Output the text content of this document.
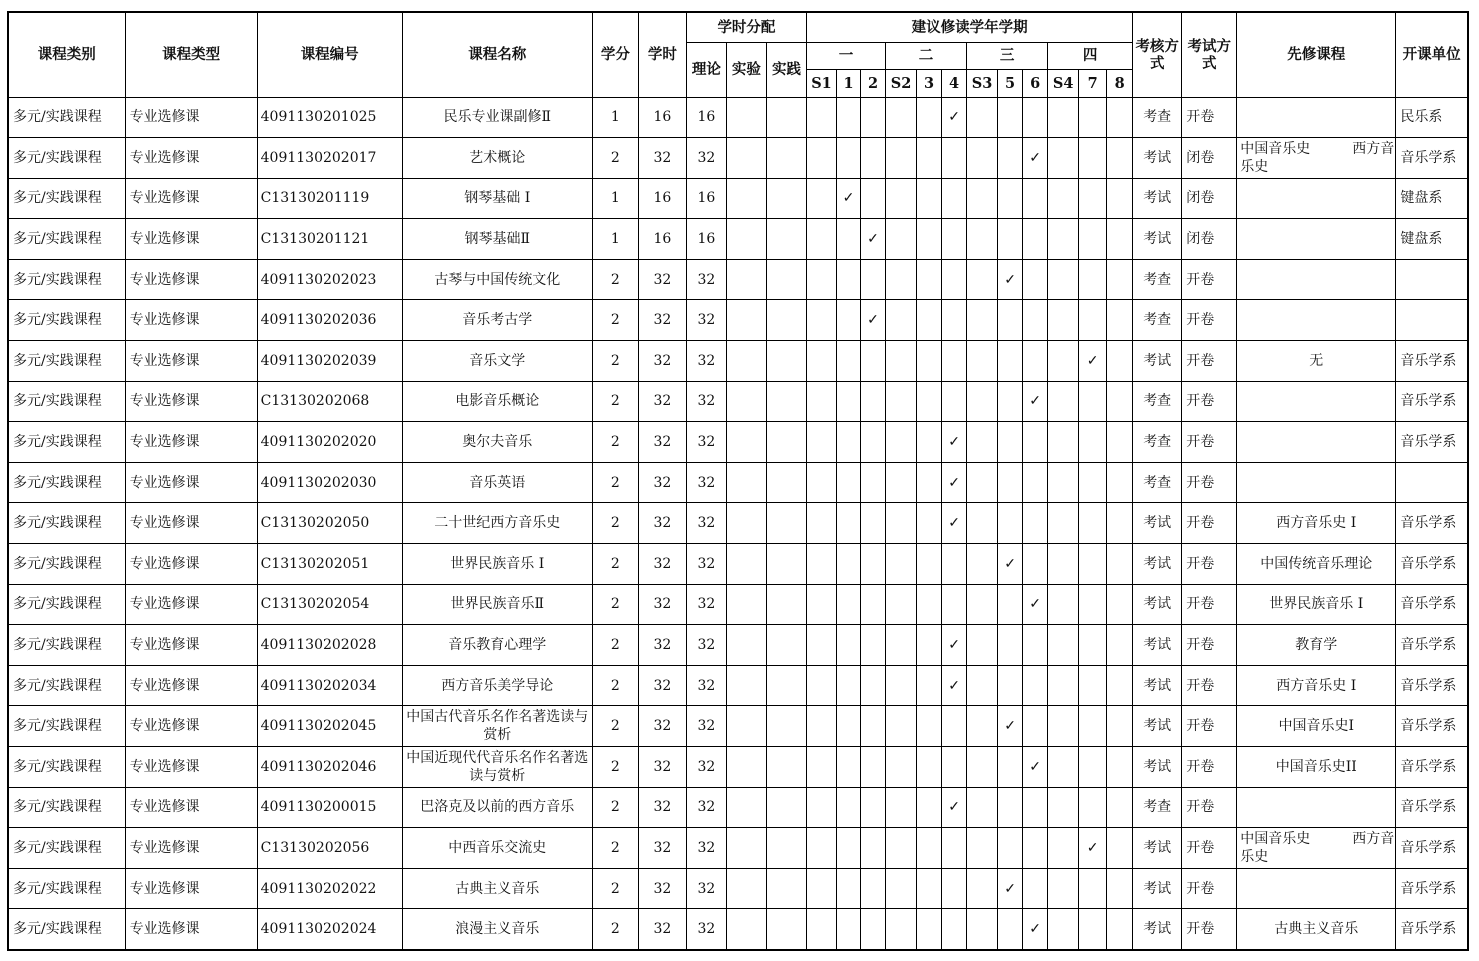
课程类别	课程类型	课程编号	课程名称	学分	学时	学时分配			建议修读学年学期												考核方式	考试方式	先修课程	开课单位
						理论	实验	实践	一			二			三			四						
									S1	1	2	S2	3	4	S3	5	6	S4	7	8				
多元/实践课程	专业选修课	4091130201025	民乐专业课副修Ⅱ	1	16	16								✓							考查	开卷		民乐系
多元/实践课程	专业选修课	4091130202017	艺术概论	2	32	32											✓				考试	闭卷	中国音乐史　　　西方音乐史	音乐学系
多元/实践课程	专业选修课	C13130201119	钢琴基础 I	1	16	16				✓											考试	闭卷		键盘系
多元/实践课程	专业选修课	C13130201121	钢琴基础Ⅱ	1	16	16					✓										考试	闭卷		键盘系
多元/实践课程	专业选修课	4091130202023	古琴与中国传统文化	2	32	32										✓					考查	开卷		
多元/实践课程	专业选修课	4091130202036	音乐考古学	2	32	32					✓										考查	开卷		
多元/实践课程	专业选修课	4091130202039	音乐文学	2	32	32													✓		考试	开卷	无	音乐学系
多元/实践课程	专业选修课	C13130202068	电影音乐概论	2	32	32											✓				考查	开卷		音乐学系
多元/实践课程	专业选修课	4091130202020	奥尔夫音乐	2	32	32								✓							考查	开卷		音乐学系
多元/实践课程	专业选修课	4091130202030	音乐英语	2	32	32								✓							考查	开卷		
多元/实践课程	专业选修课	C13130202050	二十世纪西方音乐史	2	32	32								✓							考试	开卷	西方音乐史 I	音乐学系
多元/实践课程	专业选修课	C13130202051	世界民族音乐 I	2	32	32										✓					考试	开卷	中国传统音乐理论	音乐学系
多元/实践课程	专业选修课	C13130202054	世界民族音乐Ⅱ	2	32	32											✓				考试	开卷	世界民族音乐 I	音乐学系
多元/实践课程	专业选修课	4091130202028	音乐教育心理学	2	32	32								✓							考试	开卷	教育学	音乐学系
多元/实践课程	专业选修课	4091130202034	西方音乐美学导论	2	32	32								✓							考试	开卷	西方音乐史 I	音乐学系
多元/实践课程	专业选修课	4091130202045	中国古代音乐名作名著选读与赏析	2	32	32										✓					考试	开卷	中国音乐史I	音乐学系
多元/实践课程	专业选修课	4091130202046	中国近现代代音乐名作名著选读与赏析	2	32	32											✓				考试	开卷	中国音乐史II	音乐学系
多元/实践课程	专业选修课	4091130200015	巴洛克及以前的西方音乐	2	32	32								✓							考查	开卷		音乐学系
多元/实践课程	专业选修课	C13130202056	中西音乐交流史	2	32	32													✓		考试	开卷	中国音乐史　　　西方音乐史	音乐学系
多元/实践课程	专业选修课	4091130202022	古典主义音乐	2	32	32										✓					考试	开卷		音乐学系
多元/实践课程	专业选修课	4091130202024	浪漫主义音乐	2	32	32											✓				考试	开卷	古典主义音乐	音乐学系
